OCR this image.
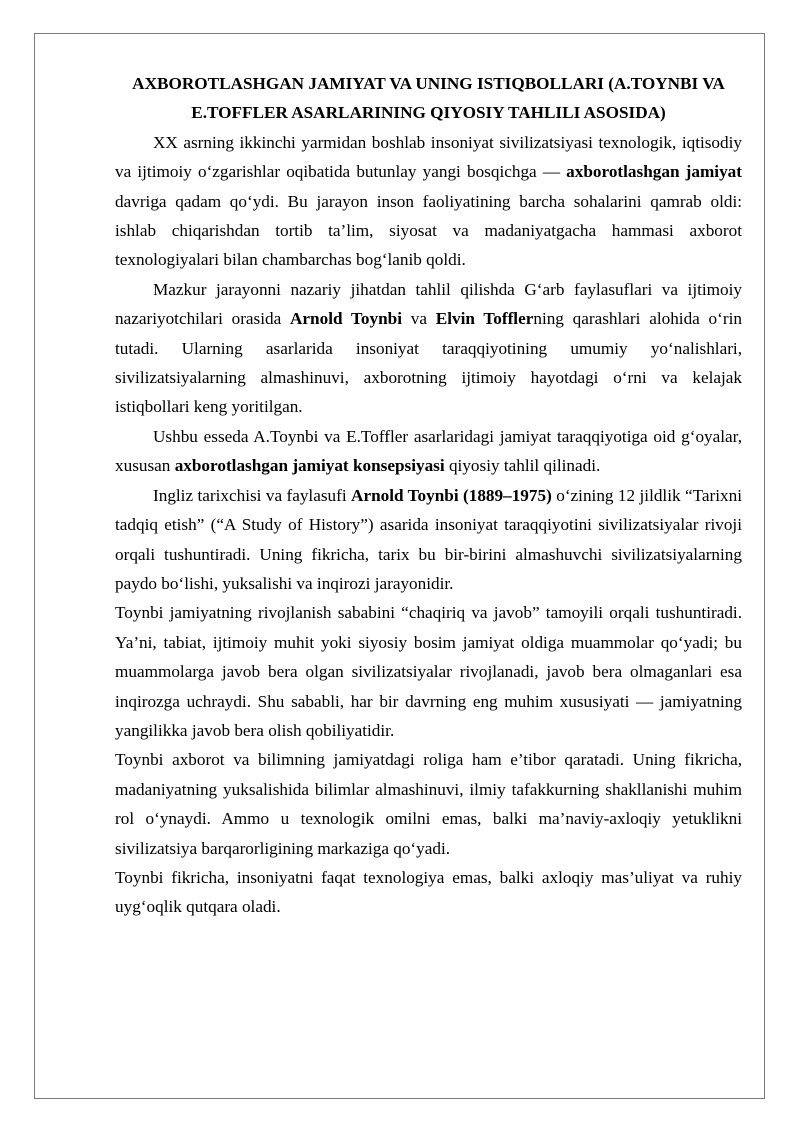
AXBOROTLASHGAN JAMIYAT VA UNING ISTIQBOLLARI (A.TOYNBI VA E.TOFFLER ASARLARINING QIYOSIY TAHLILI ASOSIDA)

XX asrning ikkinchi yarmidan boshlab insoniyat sivilizatsiyasi texnologik, iqtisodiy va ijtimoiy o‘zgarishlar oqibatida butunlay yangi bosqichga — axborotlashgan jamiyat davriga qadam qo‘ydi. Bu jarayon inson faoliyatining barcha sohalarini qamrab oldi: ishlab chiqarishdan tortib ta’lim, siyosat va madaniyatgacha hammasi axborot texnologiyalari bilan chambarchas bog‘lanib qoldi.

Mazkur jarayonni nazariy jihatdan tahlil qilishda G‘arb faylasuflari va ijtimoiy nazariyotchilari orasida Arnold Toynbi va Elvin Tofflerning qarashlari alohida o‘rin tutadi. Ularning asarlarida insoniyat taraqqiyotining umumiy yo‘nalishlari, sivilizatsiyalarning almashinuvi, axborotning ijtimoiy hayotdagi o‘rni va kelajak istiqbollari keng yoritilgan.

Ushbu esseda A.Toynbi va E.Toffler asarlaridagi jamiyat taraqqiyotiga oid g‘oyalar, xususan axborotlashgan jamiyat konsepsiyasi qiyosiy tahlil qilinadi.

Ingliz tarixchisi va faylasufi Arnold Toynbi (1889–1975) o‘zining 12 jildlik “Tarixni tadqiq etish” (“A Study of History”) asarida insoniyat taraqqiyotini sivilizatsiyalar rivoji orqali tushuntiradi. Uning fikricha, tarix bu bir-birini almashuvchi sivilizatsiyalarning paydo bo‘lishi, yuksalishi va inqirozi jarayonidir.

Toynbi jamiyatning rivojlanish sababini “chaqiriq va javob” tamoyili orqali tushuntiradi. Ya’ni, tabiat, ijtimoiy muhit yoki siyosiy bosim jamiyat oldiga muammolar qo‘yadi; bu muammolarga javob bera olgan sivilizatsiyalar rivojlanadi, javob bera olmaganlari esa inqirozga uchraydi. Shu sababli, har bir davrning eng muhim xususiyati — jamiyatning yangilikka javob bera olish qobiliyatidir.

Toynbi axborot va bilimning jamiyatdagi roliga ham e’tibor qaratadi. Uning fikricha, madaniyatning yuksalishida bilimlar almashinuvi, ilmiy tafakkurning shakllanishi muhim rol o‘ynaydi. Ammo u texnologik omilni emas, balki ma’naviy-axloqiy yetuklikni sivilizatsiya barqarorligining markaziga qo‘yadi.

Toynbi fikricha, insoniyatni faqat texnologiya emas, balki axloqiy mas’uliyat va ruhiy uyg‘oqlik qutqara oladi.
